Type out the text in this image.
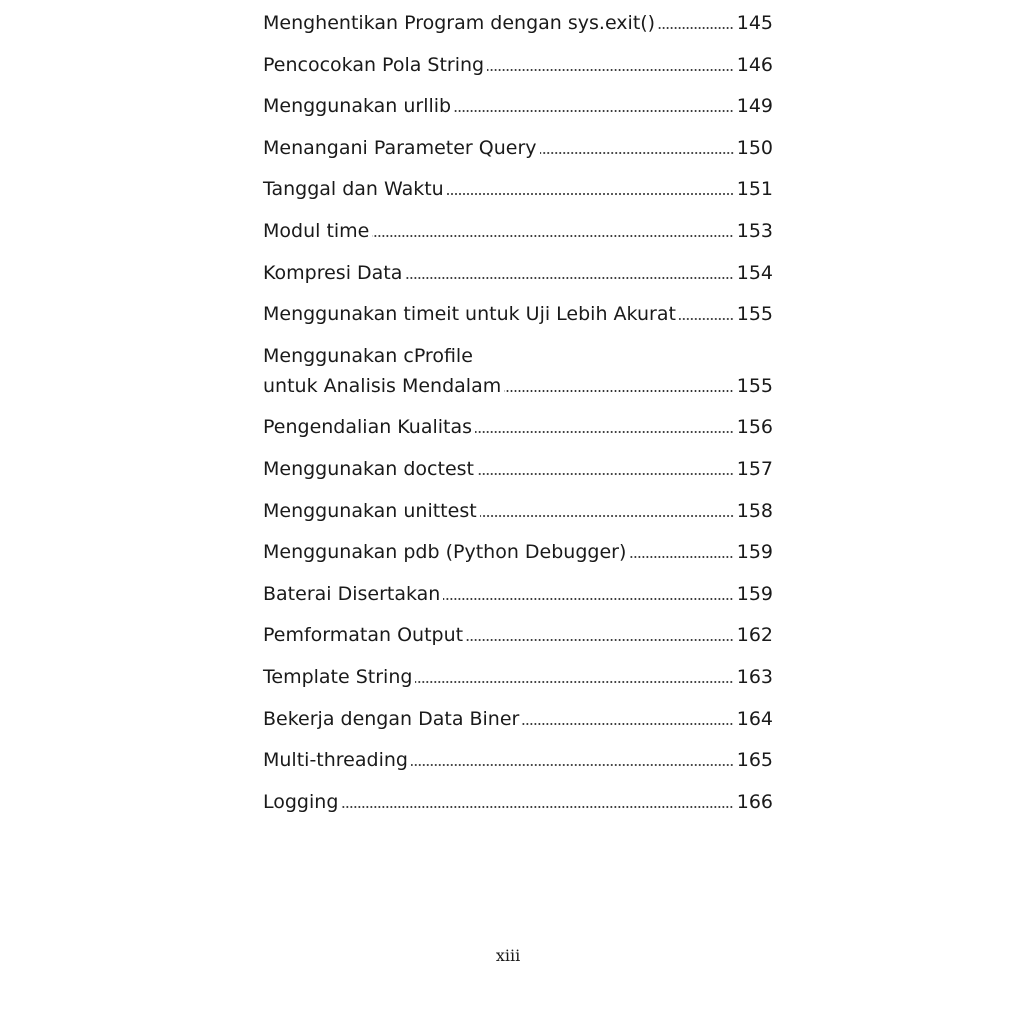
Menghentikan Program dengan sys.exit()	145
Pencocokan Pola String	146
Menggunakan urllib	149
Menangani Parameter Query	150
Tanggal dan Waktu	151
Modul time	153
Kompresi Data	154
Menggunakan timeit untuk Uji Lebih Akurat	155
Menggunakan cProfile
untuk Analisis Mendalam	155
Pengendalian Kualitas	156
Menggunakan doctest	157
Menggunakan unittest	158
Menggunakan pdb (Python Debugger)	159
Baterai Disertakan	159
Pemformatan Output	162
Template String	163
Bekerja dengan Data Biner	164
Multi-threading	165
Logging	166
xiii
